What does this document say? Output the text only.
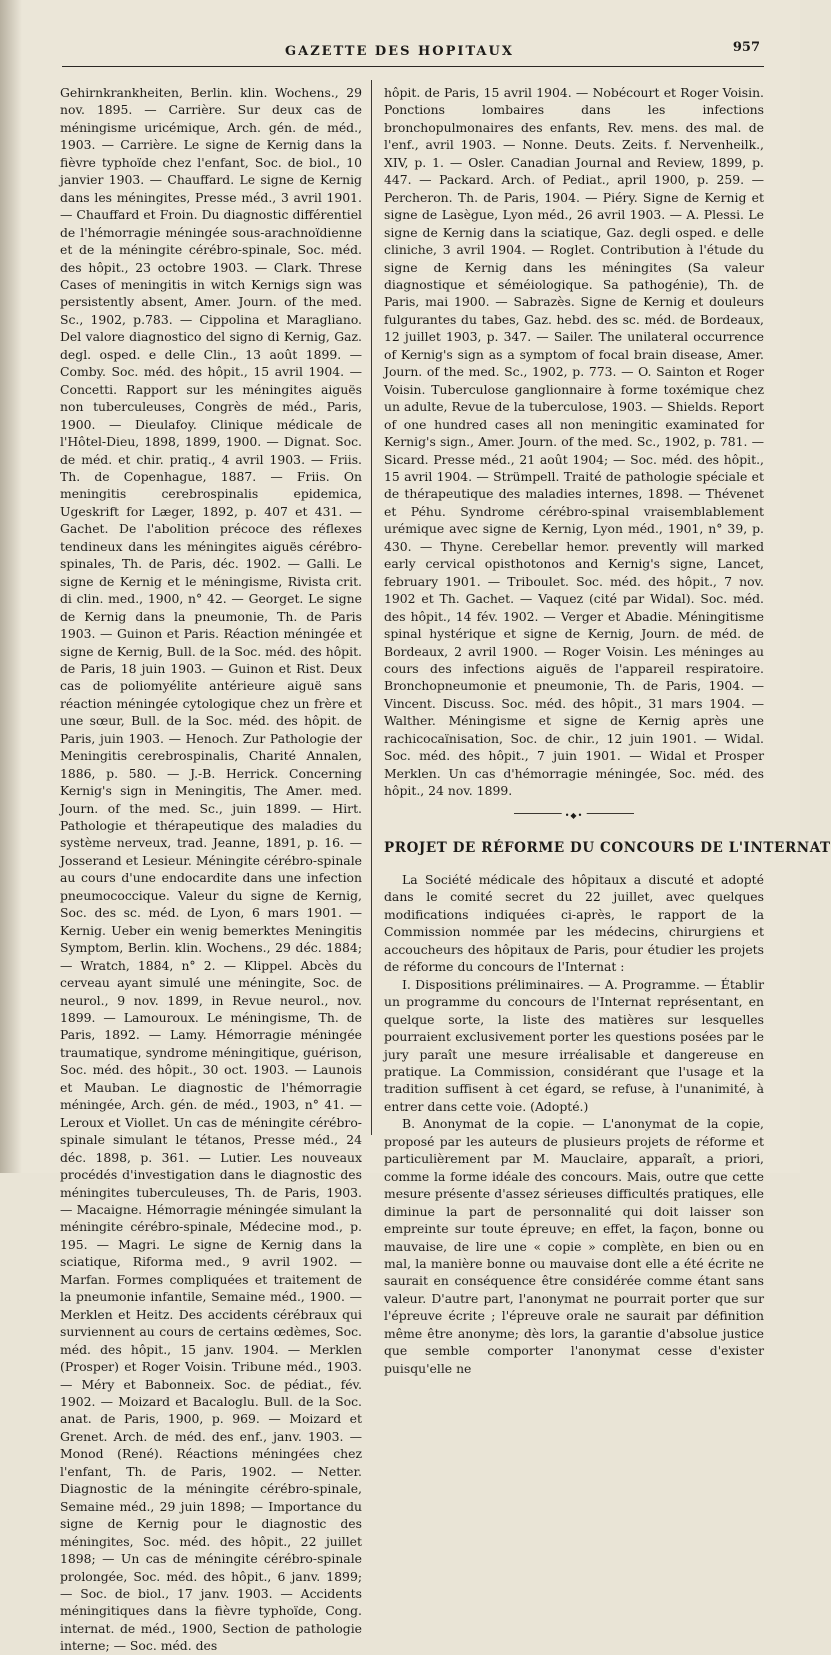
GAZETTE DES HOPITAUX	957

Gehirnkrankheiten, Berlin. klin. Wochens., 29 nov. 1895. — Carrière. Sur deux cas de méningisme uricémique, Arch. gén. de méd., 1903. — Carrière. Le signe de Kernig dans la fièvre typhoïde chez l'enfant, Soc. de biol., 10 janvier 1903. — Chauffard. Le signe de Kernig dans les méningites, Presse méd., 3 avril 1901. — Chauffard et Froin. Du diagnostic différentiel de l'hémorragie méningée sous-arachnoïdienne et de la méningite cérébro-spinale, Soc. méd. des hôpit., 23 octobre 1903. — Clark. Threse Cases of meningitis in witch Kernigs sign was persistently absent, Amer. Journ. of the med. Sc., 1902, p.783. — Cippolina et Maragliano. Del valore diagnostico del signo di Kernig, Gaz. degl. osped. e delle Clin., 13 août 1899. — Comby. Soc. méd. des hôpit., 15 avril 1904. — Concetti. Rapport sur les méningites aiguës non tuberculeuses, Congrès de méd., Paris, 1900. — Dieulafoy. Clinique médicale de l'Hôtel-Dieu, 1898, 1899, 1900. — Dignat. Soc. de méd. et chir. pratiq., 4 avril 1903. — Friis. Th. de Copenhague, 1887. — Friis. On meningitis cerebrospinalis epidemica, Ugeskrift for Læger, 1892, p. 407 et 431. — Gachet. De l'abolition précoce des réflexes tendineux dans les méningites aiguës cérébro-spinales, Th. de Paris, déc. 1902. — Galli. Le signe de Kernig et le méningisme, Rivista crit. di clin. med., 1900, n° 42. — Georget. Le signe de Kernig dans la pneumonie, Th. de Paris 1903. — Guinon et Paris. Réaction méningée et signe de Kernig, Bull. de la Soc. méd. des hôpit. de Paris, 18 juin 1903. — Guinon et Rist. Deux cas de poliomyélite antérieure aiguë sans réaction méningée cytologique chez un frère et une sœur, Bull. de la Soc. méd. des hôpit. de Paris, juin 1903. — Henoch. Zur Pathologie der Meningitis cerebrospinalis, Charité Annalen, 1886, p. 580. — J.-B. Herrick. Concerning Kernig's sign in Meningitis, The Amer. med. Journ. of the med. Sc., juin 1899. — Hirt. Pathologie et thérapeutique des maladies du système nerveux, trad. Jeanne, 1891, p. 16. — Josserand et Lesieur. Méningite cérébro-spinale au cours d'une endocardite dans une infection pneumococcique. Valeur du signe de Kernig, Soc. des sc. méd. de Lyon, 6 mars 1901. — Kernig. Ueber ein wenig bemerktes Meningitis Symptom, Berlin. klin. Wochens., 29 déc. 1884; — Wratch, 1884, n° 2. — Klippel. Abcès du cerveau ayant simulé une méningite, Soc. de neurol., 9 nov. 1899, in Revue neurol., nov. 1899. — Lamouroux. Le méningisme, Th. de Paris, 1892. — Lamy. Hémorragie méningée traumatique, syndrome méningitique, guérison, Soc. méd. des hôpit., 30 oct. 1903. — Launois et Mauban. Le diagnostic de l'hémorragie méningée, Arch. gén. de méd., 1903, n° 41. — Leroux et Viollet. Un cas de méningite cérébro-spinale simulant le tétanos, Presse méd., 24 déc. 1898, p. 361. — Lutier. Les nouveaux procédés d'investigation dans le diagnostic des méningites tuberculeuses, Th. de Paris, 1903. — Macaigne. Hémorragie méningée simulant la méningite cérébro-spinale, Médecine mod., p. 195. — Magri. Le signe de Kernig dans la sciatique, Riforma med., 9 avril 1902. — Marfan. Formes compliquées et traitement de la pneumonie infantile, Semaine méd., 1900. — Merklen et Heitz. Des accidents cérébraux qui surviennent au cours de certains œdèmes, Soc. méd. des hôpit., 15 janv. 1904. — Merklen (Prosper) et Roger Voisin. Tribune méd., 1903. — Méry et Babonneix. Soc. de pédiat., fév. 1902. — Moizard et Bacaloglu. Bull. de la Soc. anat. de Paris, 1900, p. 969. — Moizard et Grenet. Arch. de méd. des enf., janv. 1903. — Monod (René). Réactions méningées chez l'enfant, Th. de Paris, 1902. — Netter. Diagnostic de la méningite cérébro-spinale, Semaine méd., 29 juin 1898; — Importance du signe de Kernig pour le diagnostic des méningites, Soc. méd. des hôpit., 22 juillet 1898; — Un cas de méningite cérébro-spinale prolongée, Soc. méd. des hôpit., 6 janv. 1899; — Soc. de biol., 17 janv. 1903. — Accidents méningitiques dans la fièvre typhoïde, Cong. internat. de méd., 1900, Section de pathologie interne; — Soc. méd. des

hôpit. de Paris, 15 avril 1904. — Nobécourt et Roger Voisin. Ponctions lombaires dans les infections bronchopulmonaires des enfants, Rev. mens. des mal. de l'enf., avril 1903. — Nonne. Deuts. Zeits. f. Nervenheilk., XIV, p. 1. — Osler. Canadian Journal and Review, 1899, p. 447. — Packard. Arch. of Pediat., april 1900, p. 259. — Percheron. Th. de Paris, 1904. — Piéry. Signe de Kernig et signe de Lasègue, Lyon méd., 26 avril 1903. — A. Plessi. Le signe de Kernig dans la sciatique, Gaz. degli osped. e delle cliniche, 3 avril 1904. — Roglet. Contribution à l'étude du signe de Kernig dans les méningites (Sa valeur diagnostique et séméiologique. Sa pathogénie), Th. de Paris, mai 1900. — Sabrazès. Signe de Kernig et douleurs fulgurantes du tabes, Gaz. hebd. des sc. méd. de Bordeaux, 12 juillet 1903, p. 347. — Sailer. The unilateral occurrence of Kernig's sign as a symptom of focal brain disease, Amer. Journ. of the med. Sc., 1902, p. 773. — O. Sainton et Roger Voisin. Tuberculose ganglionnaire à forme toxémique chez un adulte, Revue de la tuberculose, 1903. — Shields. Report of one hundred cases all non meningitic examinated for Kernig's sign., Amer. Journ. of the med. Sc., 1902, p. 781. — Sicard. Presse méd., 21 août 1904; — Soc. méd. des hôpit., 15 avril 1904. — Strümpell. Traité de pathologie spéciale et de thérapeutique des maladies internes, 1898. — Thévenet et Péhu. Syndrome cérébro-spinal vraisemblablement urémique avec signe de Kernig, Lyon méd., 1901, n° 39, p. 430. — Thyne. Cerebellar hemor. prevently will marked early cervical opisthotonos and Kernig's signe, Lancet, february 1901. — Triboulet. Soc. méd. des hôpit., 7 nov. 1902 et Th. Gachet. — Vaquez (cité par Widal). Soc. méd. des hôpit., 14 fév. 1902. — Verger et Abadie. Méningitisme spinal hystérique et signe de Kernig, Journ. de méd. de Bordeaux, 2 avril 1900. — Roger Voisin. Les méninges au cours des infections aiguës de l'appareil respiratoire. Bronchopneumonie et pneumonie, Th. de Paris, 1904. — Vincent. Discuss. Soc. méd. des hôpit., 31 mars 1904. — Walther. Méningisme et signe de Kernig après une rachicocaïnisation, Soc. de chir., 12 juin 1901. — Widal. Soc. méd. des hôpit., 7 juin 1901. — Widal et Prosper Merklen. Un cas d'hémorragie méningée, Soc. méd. des hôpit., 24 nov. 1899.

•◆•
PROJET DE RÉFORME DU CONCOURS DE L'INTERNAT

La Société médicale des hôpitaux a discuté et adopté dans le comité secret du 22 juillet, avec quelques modifications indiquées ci-après, le rapport de la Commission nommée par les médecins, chirurgiens et accoucheurs des hôpitaux de Paris, pour étudier les projets de réforme du concours de l'Internat :

I. Dispositions préliminaires. — A. Programme. — Établir un programme du concours de l'Internat représentant, en quelque sorte, la liste des matières sur lesquelles pourraient exclusivement porter les questions posées par le jury paraît une mesure irréalisable et dangereuse en pratique. La Commission, considérant que l'usage et la tradition suffisent à cet égard, se refuse, à l'unanimité, à entrer dans cette voie. (Adopté.)

B. Anonymat de la copie. — L'anonymat de la copie, proposé par les auteurs de plusieurs projets de réforme et particulièrement par M. Mauclaire, apparaît, a priori, comme la forme idéale des concours. Mais, outre que cette mesure présente d'assez sérieuses difficultés pratiques, elle diminue la part de personnalité qui doit laisser son empreinte sur toute épreuve; en effet, la façon, bonne ou mauvaise, de lire une « copie » complète, en bien ou en mal, la manière bonne ou mauvaise dont elle a été écrite ne saurait en conséquence être considérée comme étant sans valeur. D'autre part, l'anonymat ne pourrait porter que sur l'épreuve écrite ; l'épreuve orale ne saurait par définition même être anonyme; dès lors, la garantie d'absolue justice que semble comporter l'anonymat cesse d'exister puisqu'elle ne
